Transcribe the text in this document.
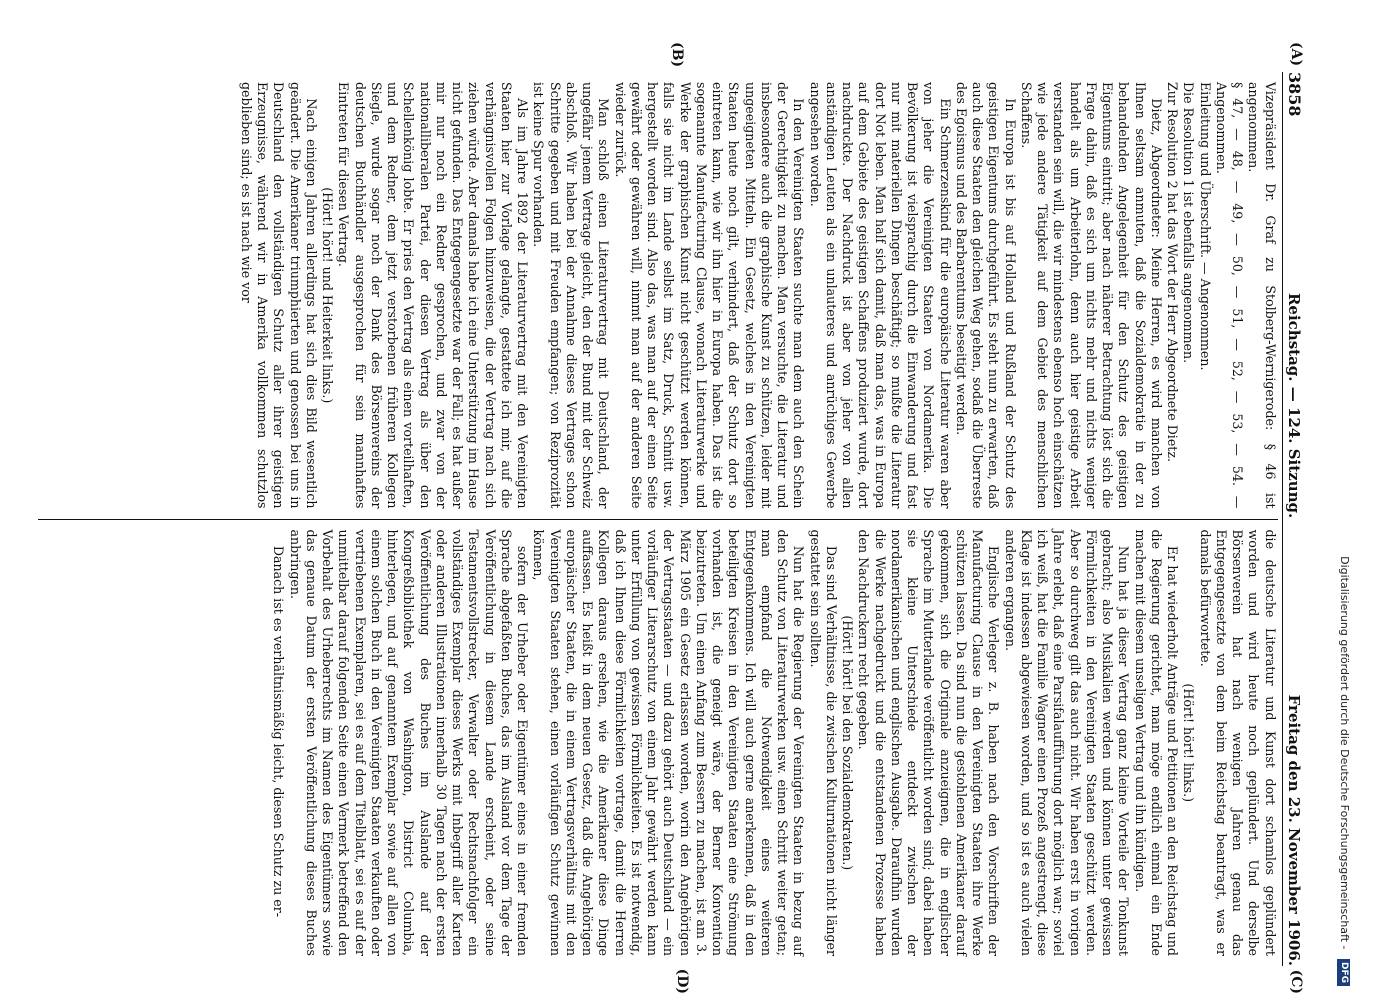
(A)
(B)
(C)
(D)
3858
Reichstag. — 124. Sitzung.
Freitag den 23. November 1906.

Vizepräsident Dr. Graf zu Stolberg-Wernigerode: § 46 ist angenommen.

§ 47, — 48, — 49, — 50, — 51, — 52, — 53, — 54. — Angenommen.

Einleitung und Überschrift. — Angenommen.

Die Resolution 1 ist ebenfalls angenommen.

Zur Resolution 2 hat das Wort der Herr Abgeordnete Dietz.

Dietz, Abgeordneter: Meine Herren, es wird manchen von Ihnen seltsam anmuten, daß die Sozialdemokratie in der zu behandelnden Angelegenheit für den Schutz des geistigen Eigentums eintritt; aber nach näherer Betrachtung löst sich die Frage dahin, daß es sich um nichts mehr und nichts weniger handelt als um Arbeiterlohn, denn auch hier geistige Arbeit verstanden sein will, die wir mindestens ebenso hoch einschätzen wie jede andere Tätigkeit auf dem Gebiet des menschlichen Schaffens.

In Europa ist bis auf Holland und Rußland der Schutz des geistigen Eigentums durchgeführt. Es steht nun zu erwarten, daß auch diese Staaten den gleichen Weg gehen, sodaß die Überreste des Egoismus und des Barbarentums beseitigt werden.

Ein Schmerzenskind für die europäische Literatur waren aber von jeher die Vereinigten Staaten von Nordamerika. Die Bevölkerung ist vielsprachig durch die Einwanderung und fast nur mit materiellen Dingen beschäftigt; so mußte die Literatur dort Not leben. Man half sich damit, daß man das, was in Europa auf dem Gebiete des geistigen Schaffens produziert wurde, dort nachdruckte. Der Nachdruck ist aber von jeher von allen anständigen Leuten als ein unlauteres und anrüchiges Gewerbe angesehen worden.

In den Vereinigten Staaten suchte man dem auch den Schein der Gerechtigkeit zu machen. Man versuchte, die Literatur und insbesondere auch die graphische Kunst zu schützen, leider mit ungeeigneten Mitteln. Ein Gesetz, welches in den Vereinigten Staaten heute noch gilt, verhindert, daß der Schutz dort so eintreten kann, wie wir ihn hier in Europa haben. Das ist die sogenannte Manufacturing Clause, wonach Literaturwerke und Werke der graphischen Kunst nicht geschützt werden können, falls sie nicht im Lande selbst im Satz, Druck, Schnitt usw. hergestellt worden sind. Also das, was man auf der einen Seite gewährt oder gewähren will, nimmt man auf der anderen Seite wieder zurück.

Man schloß einen Literaturvertrag mit Deutschland, der ungefähr jenem Vertrage gleicht, den der Bund mit der Schweiz abschloß. Wir haben bei der Annahme dieses Vertrages schon Schritte gegeben und mit Freuden empfangen; von Reziprozität ist keine Spur vorhanden.

Als im Jahre 1892 der Literaturvertrag mit den Vereinigten Staaten hier zur Vorlage gelangte, gestattete ich mir, auf die verhängnisvollen Folgen hinzuweisen, die der Vertrag nach sich ziehen würde. Aber damals habe ich eine Unterstützung im Hause nicht gefunden. Das Entgegengesetzte war der Fall; es hat außer mir nur noch ein Redner gesprochen, und zwar von der nationalliberalen Partei, der diesen Vertrag als über den Schellenkönig lobte. Er pries den Vertrag als einen vorteilhaften, und dem Redner, dem jetzt verstorbenen früheren Kollegen Siegle, wurde sogar noch der Dank des Börsenvereins der deutschen Buchhändler ausgesprochen für sein mannhaftes Eintreten für diesen Vertrag.

(Hört! hört! und Heiterkeit links.)

Nach einigen Jahren allerdings hat sich dies Bild wesentlich geändert. Die Amerikaner triumphierten und genossen bei uns in Deutschland den vollständigen Schutz aller ihrer geistigen Erzeugnisse, während wir in Amerika vollkommen schutzlos geblieben sind; es ist nach wie vor

die deutsche Literatur und Kunst dort schamlos geplündert worden und wird heute noch geplündert. Und derselbe Börsenverein hat nach wenigen Jahren genau das Entgegengesetzte von dem beim Reichstag beantragt, was er damals befürwortete.

(Hört! hört! links.)

Er hat wiederholt Anträge und Petitionen an den Reichstag und die Regierung gerichtet, man möge endlich einmal ein Ende machen mit diesem unseligen Vertrag und ihn kündigen.

Nun hat ja dieser Vertrag ganz kleine Vorteile der Tonkunst gebracht; also Musikalien werden und können unter gewissen Förmlichkeiten in den Vereinigten Staaten geschützt werden. Aber so durchweg gilt das auch nicht. Wir haben erst in vorigen Jahre erlebt, daß eine Parsifalaufführung dort möglich war; soviel ich weiß, hat die Familie Wagner einen Prozeß angestrengt, diese Klage ist indessen abgewiesen worden, und so ist es auch vielen anderen ergangen.

Englische Verleger z. B. haben nach den Vorschriften der Manufacturing Clause in den Vereinigten Staaten ihre Werke schützen lassen. Da sind nun die gestohlenen Amerikaner darauf gekommen, sich die Originale anzueignen, die in englischer Sprache im Mutterlande veröffentlicht worden sind; dabei haben sie kleine Unterschiede entdeckt zwischen der nordamerikanischen und englischen Ausgabe. Daraufhin wurden die Werke nachgedruckt und die entstandenen Prozesse haben den Nachdruckern recht gegeben.

(Hört! hört! bei den Sozialdemokraten.)

Das sind Verhältnisse, die zwischen Kulturnationen nicht länger gestattet sein sollten.

Nun hat die Regierung der Vereinigten Staaten in bezug auf den Schutz von Literaturwerken usw. einen Schritt weiter getan; man empfand die Notwendigkeit eines weiteren Entgegenkommens. Ich will auch gerne anerkennen, daß in den beteiligten Kreisen in den Vereinigten Staaten eine Strömung vorhanden ist, die geneigt wäre, der Berner Konvention beizutreten. Um einen Anfang zum Bessern zu machen, ist am 3. März 1905 ein Gesetz erlassen worden, worin den Angehörigen der Vertragsstaaten — und dazu gehört auch Deutschland — ein vorläufiger Literarschutz von einem Jahr gewährt werden kann unter Erfüllung von gewissen Förmlichkeiten. Es ist notwendig, daß ich Ihnen diese Förmlichkeiten vortrage, damit die Herren Kollegen daraus ersehen, wie die Amerikaner diese Dinge auffassen. Es heißt in dem neuen Gesetz, daß die Angehörigen europäischer Staaten, die in einem Vertragsverhältnis mit den Vereinigten Staaten stehen, einen vorläufigen Schutz gewinnen können,

sofern der Urheber oder Eigentümer eines in einer fremden Sprache abgefaßten Buches, das im Ausland vor dem Tage der Veröffentlichung in diesem Lande erscheint, oder seine Testamentsvollstrecker, Verwalter oder Rechtsnachfolger ein vollständiges Exemplar dieses Werks mit Inbegriff aller Karten oder anderen Illustrationen innerhalb 30 Tagen nach der ersten Veröffentlichung des Buches im Auslande auf der Kongreßbibliothek von Washington, District Columbia, hinterlegen, und auf genanntem Exemplar sowie auf allen von einem solchen Buch in den Vereinigten Staaten verkauften oder vertriebenen Exemplaren, sei es auf dem Titelblatt, sei es auf der unmittelbar darauf folgenden Seite einen Vermerk betreffend den Vorbehalt des Urheberrechts im Namen des Eigentümers sowie das genaue Datum der ersten Veröffentlichung dieses Buches anbringen.

Danach ist es verhältnismäßig leicht, diesen Schutz zu er-	Digitalisierung gefördert durch die Deutsche Forschungsgemeinschaft - DFG
